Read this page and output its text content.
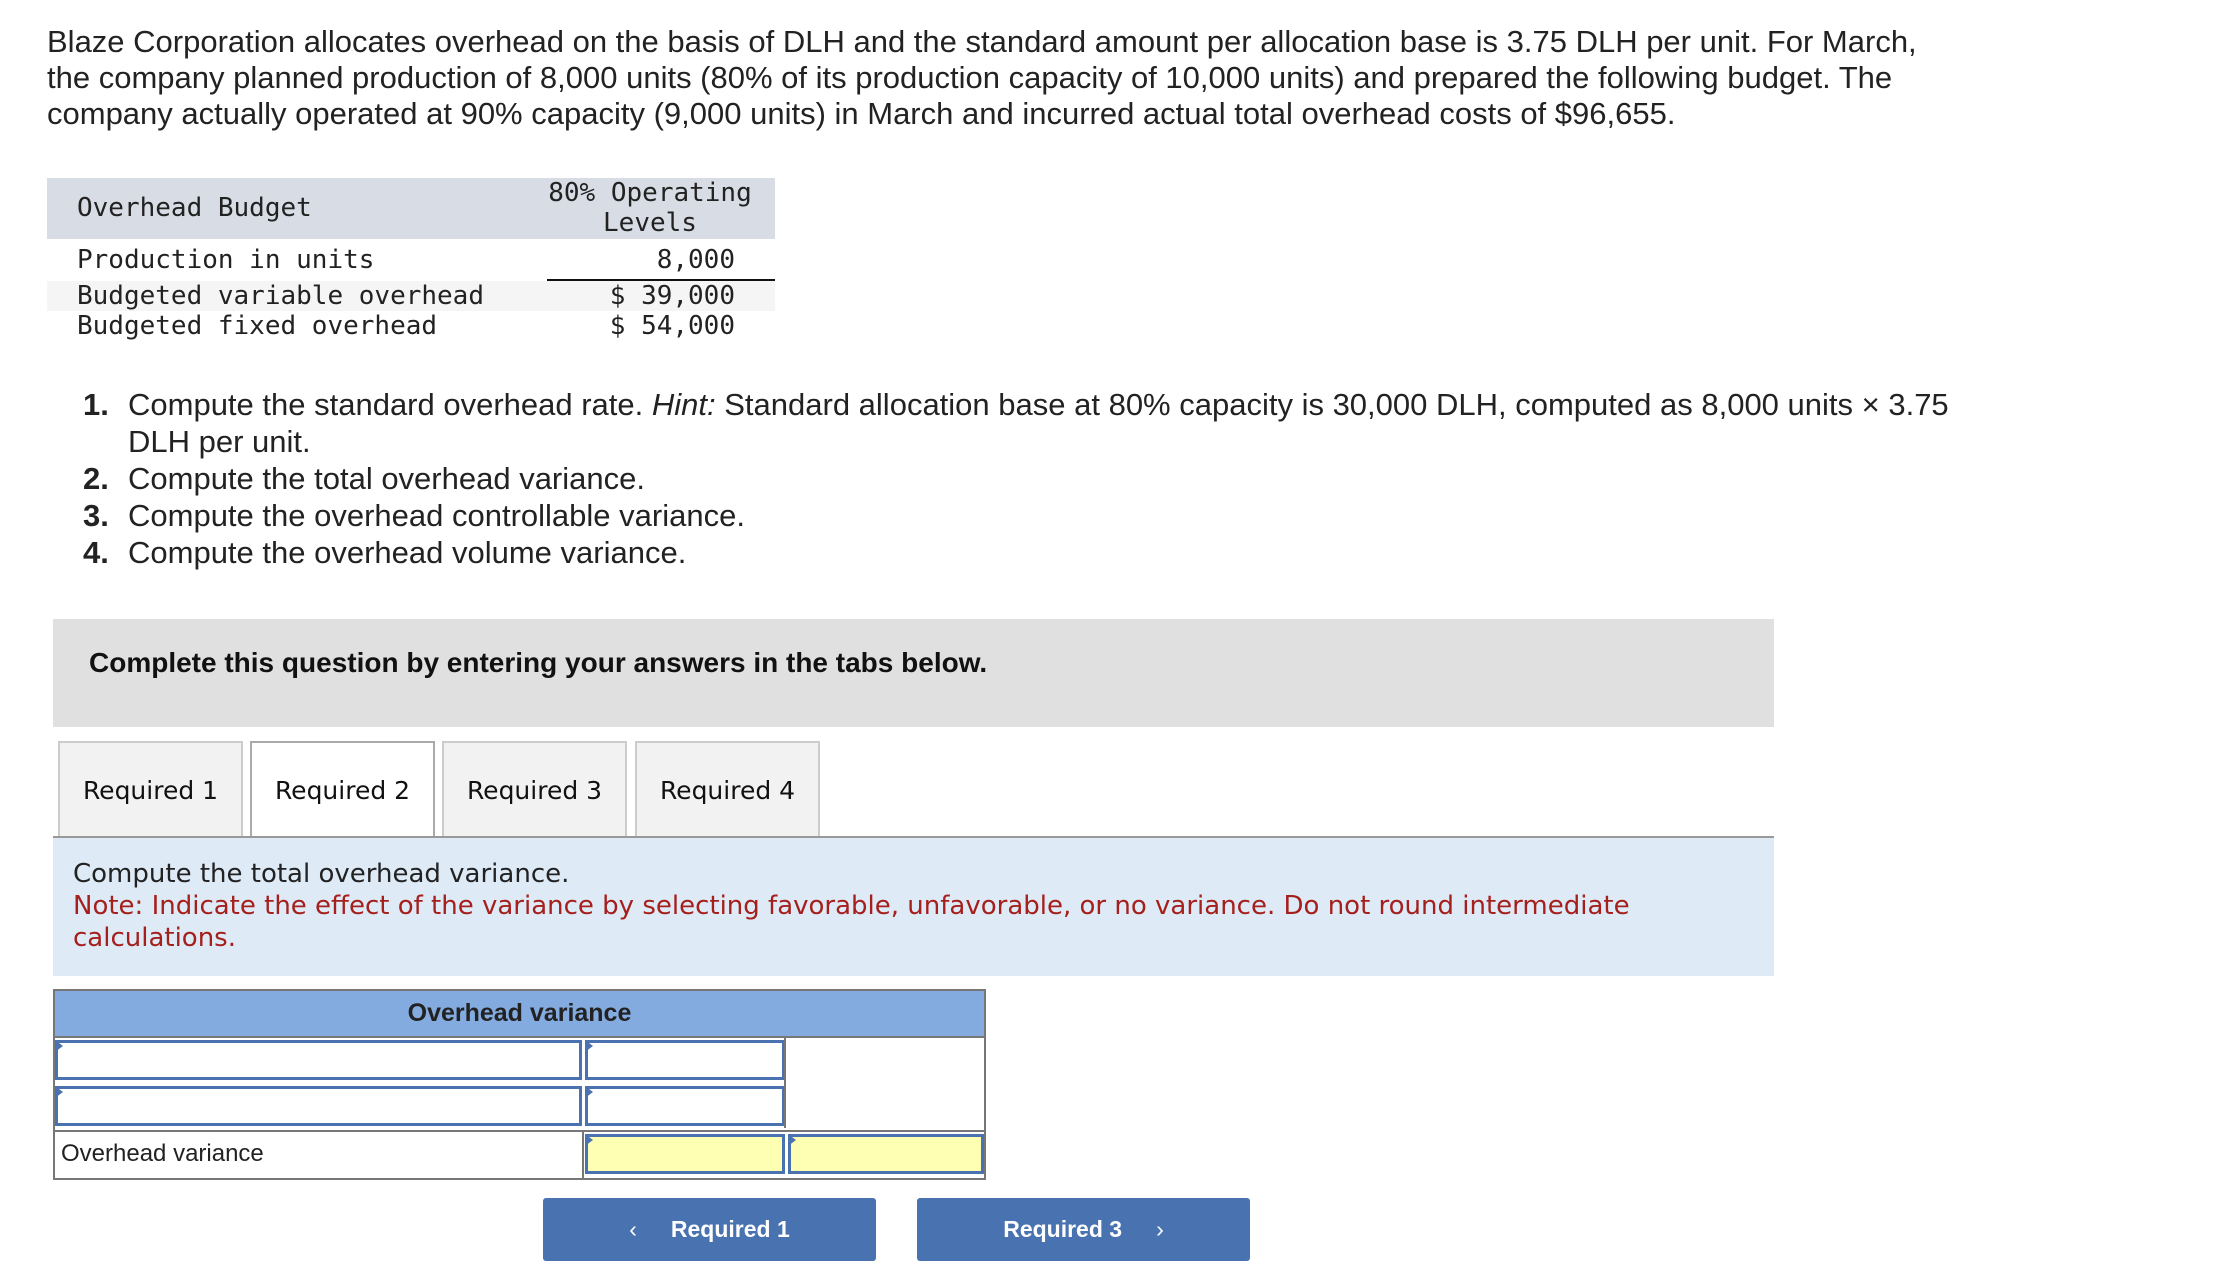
Blaze Corporation allocates overhead on the basis of DLH and the standard amount per allocation base is 3.75 DLH per unit. For March, the company planned production of 8,000 units (80% of its production capacity of 10,000 units) and prepared the following budget. The company actually operated at 90% capacity (9,000 units) in March and incurred actual total overhead costs of $96,655.

Overhead Budget	80% Operating
Levels
Production in units	8,000
Budgeted variable overhead	$ 39,000
Budgeted fixed overhead	$ 54,000
1. Compute the standard overhead rate. Hint: Standard allocation base at 80% capacity is 30,000 DLH, computed as 8,000 units × 3.75 DLH per unit.
2. Compute the total overhead variance.
3. Compute the overhead controllable variance.
4. Compute the overhead volume variance.
Complete this question by entering your answers in the tabs below.
Required 1	Required 2	Required 3	Required 4
Compute the total overhead variance.
Note: Indicate the effect of the variance by selecting favorable, unfavorable, or no variance. Do not round intermediate calculations.
Overhead variance
Overhead variance
‹ Required 1	Required 3 ›
